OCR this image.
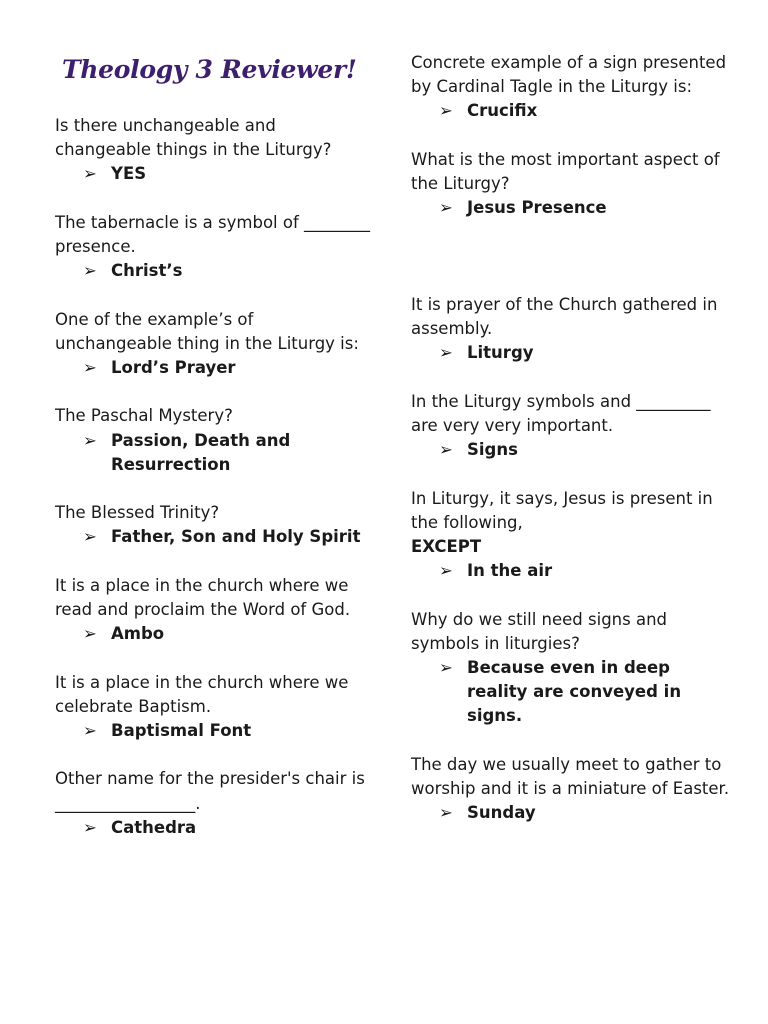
Theology 3 Reviewer!

Is there unchangeable and changeable things in the Liturgy?

➢ YES

The tabernacle is a symbol of ________ presence.

➢ Christ’s

One of the example’s of unchangeable thing in the Liturgy is:

➢ Lord’s Prayer

The Paschal Mystery?

➢ Passion, Death and Resurrection

The Blessed Trinity?

➢ Father, Son and Holy Spirit

It is a place in the church where we read and proclaim the Word of God.

➢ Ambo

It is a place in the church where we celebrate Baptism.

➢ Baptismal Font

Other name for the presider's chair is _________________.

➢ Cathedra

Concrete example of a sign presented by Cardinal Tagle in the Liturgy is:

➢ Crucifix

What is the most important aspect of the Liturgy?

➢ Jesus Presence

It is prayer of the Church gathered in assembly.

➢ Liturgy

In the Liturgy symbols and _________ are very very important.

➢ Signs

In Liturgy, it says, Jesus is present in the following,
EXCEPT

➢ In the air

Why do we still need signs and symbols in liturgies?

➢ Because even in deep reality are conveyed in signs.

The day we usually meet to gather to worship and it is a miniature of Easter.

➢ Sunday
